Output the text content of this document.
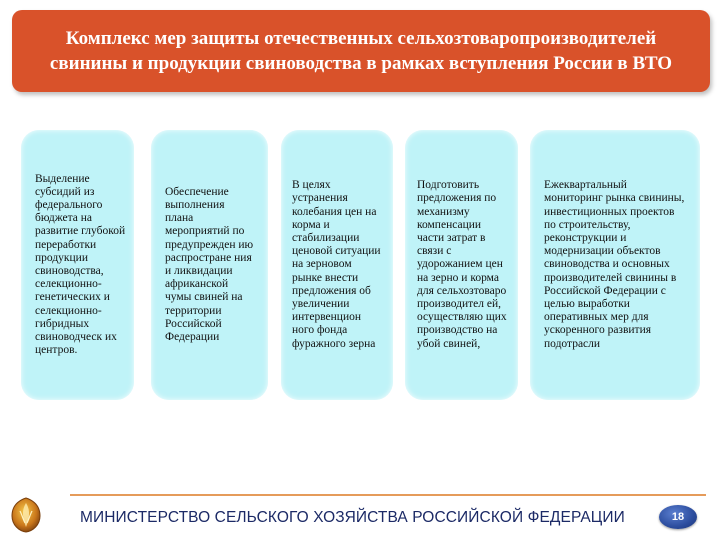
Комплекс мер защиты отечественных сельхозтоваропроизводителей
свинины и продукции свиноводства в рамках вступления России в ВТО
Выделение субсидий из федерального бюджета на развитие глубокой переработки продукции свиноводства, селекционно-генетических и селекционно-гибридных свиноводческ их центров.
Обеспечение выполнения плана мероприятий по предупрежден ию распростране ния и ликвидации африканской чумы свиней на территории Российской Федерации
В целях устранения колебания цен на корма и стабилизации ценовой ситуации на зерновом рынке внести предложения об увеличении интервенцион ного фонда фуражного зерна
Подготовить предложения по механизму компенсации части затрат в связи с удорожанием цен на зерно и корма для сельхозтоваро производител ей, осуществляю щих производство на убой свиней,
Ежеквартальный мониторинг рынка свинины, инвестиционных проектов по строительству, реконструкции и модернизации объектов свиноводства и основных производителей свинины в Российской Федерации с целью выработки оперативных мер для ускоренного развития подотрасли
МИНИСТЕРСТВО СЕЛЬСКОГО ХОЗЯЙСТВА РОССИЙСКОЙ ФЕДЕРАЦИИ	18
